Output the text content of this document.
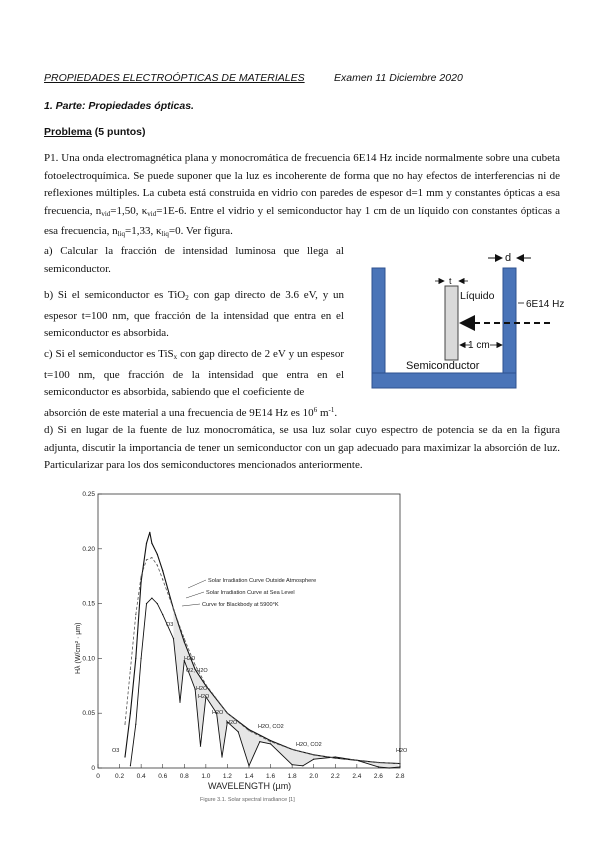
PROPIEDADES ELECTROÓPTICAS DE MATERIALES	Examen 11 Diciembre 2020
1. Parte: Propiedades ópticas.
Problema (5 puntos)
P1. Una onda electromagnética plana y monocromática de frecuencia 6E14 Hz incide normalmente sobre una cubeta fotoelectroquímica. Se puede suponer que la luz es incoherente de forma que no hay efectos de interferencias ni de reflexiones múltiples. La cubeta está construida en vidrio con paredes de espesor d=1 mm y constantes ópticas a esa frecuencia, $n_{vid}=1,50$, $\kappa_{vid}=1E-6$. Entre el vidrio y el semiconductor hay 1 cm de un líquido con constantes ópticas a esa frecuencia, $n_{liq}=1,33$, $\kappa_{liq}=0$. Ver figura.
a) Calcular la fracción de intensidad luminosa que llega al semiconductor.
b) Si el semiconductor es TiO$_2$ con gap directo de 3.6 eV, y un espesor t=100 nm, que fracción de la intensidad que entra en el semiconductor es absorbida.
c) Si el semiconductor es TiS$_x$ con gap directo de 2 eV y un espesor t=100 nm, que fracción de la intensidad que entra en el semiconductor es absorbida, sabiendo que el coeficiente de
absorción de este material a una frecuencia de 9E14 Hz es $10^6$ $m^{-1}$.
d) Si en lugar de la fuente de luz monocromática, se usa luz solar cuyo espectro de potencia se da en la figura adjunta, discutir la importancia de tener un semiconductor con un gap adecuado para maximizar la absorción de luz. Particularizar para los dos semiconductores mencionados anteriormente.
d
t
Líquido
6E14 Hz
1 cm
Semiconductor
0 0.2 0.4 0.6 0.8 1.0 1.2 1.4 1.6 1.8 2.0 2.2 2.4 2.6 2.8
0
0.05
0.10
0.15
0.20
0.25
Solar Irradiation Curve Outside Atmosphere
Solar Irradiation Curve at Sea Level
Curve for Blackbody at 5900°K
O3
O3
H2O
O2, H2O
H2O
H2O
H2O
H2O
H2O, CO2
H2O, CO2
H2O
WAVELENGTH (µm)
Hλ (W/cm² · µm)
Figure 3.1. Solar spectral irradiance [1]
